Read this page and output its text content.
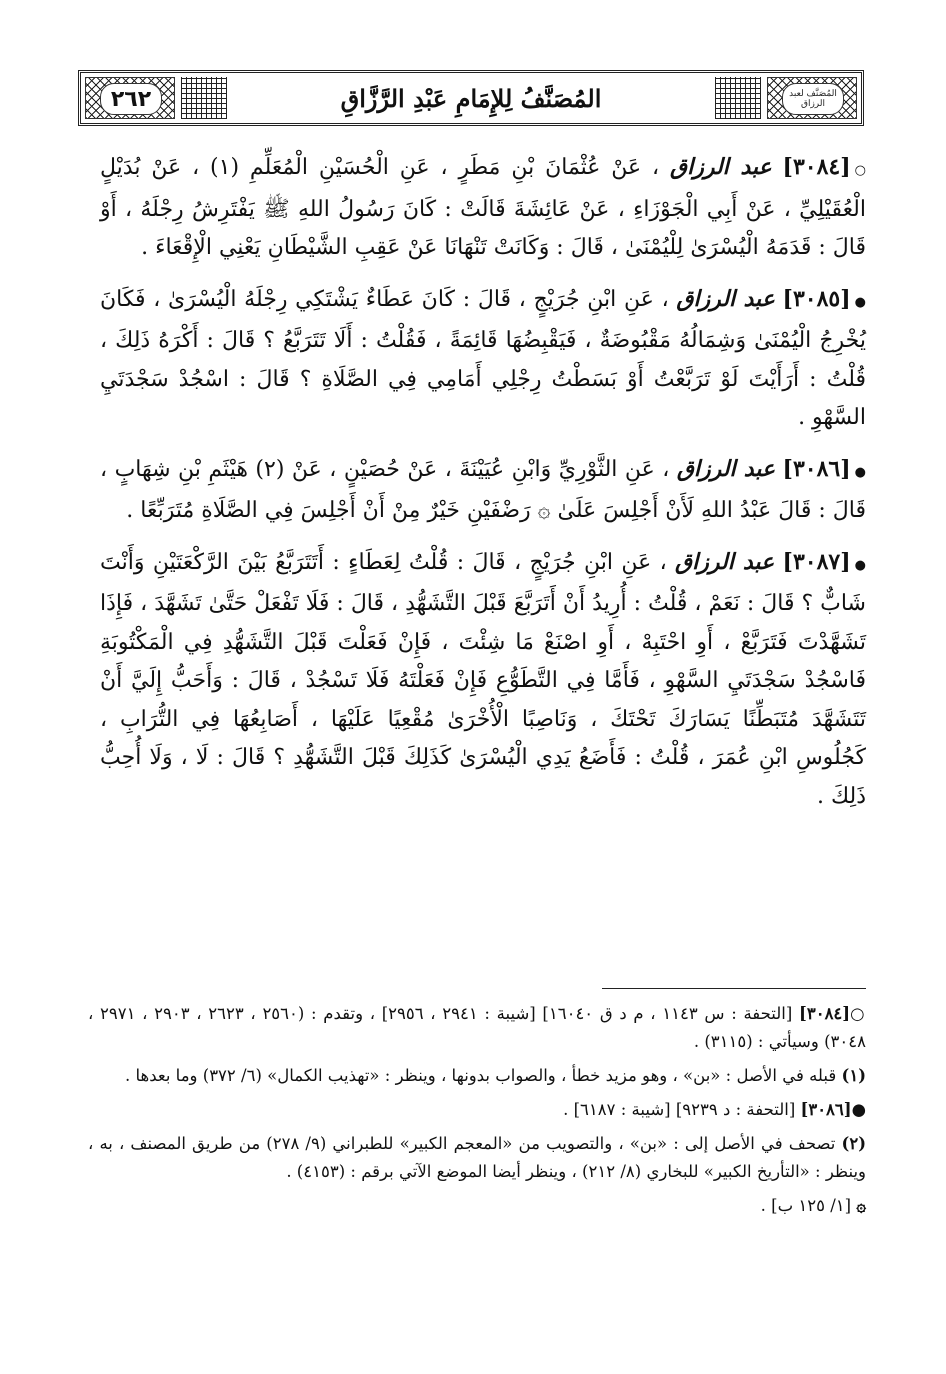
٢٦٢	المُصَنَّفُ لِلإِمَامِ عَبْدِ الرَّزَّاقِ	المُصَنَّف لعبد الرزاق

○[٣٠٨٤] عبد الرزاق ، عَنْ عُثْمَانَ بْنِ مَطَرٍ ، عَنِ الْحُسَيْنِ الْمُعَلِّمِ (١) ، عَنْ بُدَيْلٍ الْعُقَيْلِيِّ ، عَنْ أَبِي الْجَوْزَاءِ ، عَنْ عَائِشَةَ قَالَتْ : كَانَ رَسُولُ اللهِ ﷺ يَفْتَرِشُ رِجْلَهُ ، أَوْ قَالَ : قَدَمَهُ الْيُسْرَىٰ لِلْيُمْنَىٰ ، قَالَ : وَكَانَتْ تَنْهَانَا عَنْ عَقِبِ الشَّيْطَانِ يَعْنِي الْإِقْعَاءَ .

●[٣٠٨٥] عبد الرزاق ، عَنِ ابْنِ جُرَيْجٍ ، قَالَ : كَانَ عَطَاءٌ يَشْتَكِي رِجْلَهُ الْيُسْرَىٰ ، فَكَانَ يُخْرِجُ الْيُمْنَىٰ وَشِمَالُهُ مَقْبُوضَةٌ ، فَيَقْبِضُهَا قَائِمَةً ، فَقُلْتُ : أَلَا تَتَرَبَّعُ ؟ قَالَ : أَكْرَهُ ذَلِكَ ، قُلْتُ : أَرَأَيْتَ لَوْ تَرَبَّعْتُ أَوْ بَسَطْتُ رِجْلِي أَمَامِي فِي الصَّلَاةِ ؟ قَالَ : اسْجُدْ سَجْدَتَيِ السَّهْوِ .

●[٣٠٨٦] عبد الرزاق ، عَنِ الثَّوْرِيِّ وَابْنِ عُيَيْنَةَ ، عَنْ حُصَيْنٍ ، عَنْ (٢) هَيْثَمِ بْنِ شِهَابٍ ، قَالَ : قَالَ عَبْدُ اللهِ لَأَنْ أَجْلِسَ عَلَىٰ ۞ رَضْفَيْنِ خَيْرٌ مِنْ أَنْ أَجْلِسَ فِي الصَّلَاةِ مُتَرَبِّعًا .

●[٣٠٨٧] عبد الرزاق ، عَنِ ابْنِ جُرَيْجٍ ، قَالَ : قُلْتُ لِعَطَاءٍ : أَتَتَرَبَّعُ بَيْنَ الرَّكْعَتَيْنِ وَأَنْتَ شَابٌّ ؟ قَالَ : نَعَمْ ، قُلْتُ : أُرِيدُ أَنْ أَتَرَبَّعَ قَبْلَ التَّشَهُّدِ ، قَالَ : فَلَا تَفْعَلْ حَتَّىٰ تَشَهَّدَ ، فَإِذَا تَشَهَّدْتَ فَتَرَبَّعْ ، أَوِ احْتَبِهْ ، أَوِ اصْنَعْ مَا شِئْتَ ، فَإِنْ فَعَلْتَ قَبْلَ التَّشَهُّدِ فِي الْمَكْتُوبَةِ فَاسْجُدْ سَجْدَتَيِ السَّهْوِ ، فَأَمَّا فِي التَّطَوُّعِ فَإِنْ فَعَلْتَهُ فَلَا تَسْجُدْ ، قَالَ : وَأَحَبُّ إِلَيَّ أَنْ تَتَشَهَّدَ مُتَبَطِّنًا يَسَارَكَ تَحْتَكَ ، وَنَاصِبًا الْأُخْرَىٰ مُقْعِيًا عَلَيْهَا ، أَصَابِعُهَا فِي التُّرَابِ ، كَجُلُوسِ ابْنِ عُمَرَ ، قُلْتُ : فَأَضَعُ يَدِي الْيُسْرَىٰ كَذَلِكَ قَبْلَ التَّشَهُّدِ ؟ قَالَ : لَا ، وَلَا أُحِبُّ ذَلِكَ .

○[٣٠٨٤] [التحفة : س ١١٤٣ ، م د ق ١٦٠٤٠] [شيبة : ٢٩٤١ ، ٢٩٥٦] ، وتقدم : (٢٥٦٠ ، ٢٦٢٣ ، ٢٩٠٣ ، ٢٩٧١ ، ٣٠٤٨) وسيأتي : (٣١١٥) .

(١) قبله في الأصل : «بن» ، وهو مزيد خطأ ، والصواب بدونها ، وينظر : «تهذيب الكمال» (٦/ ٣٧٢) وما بعدها .

●[٣٠٨٦] [التحفة : د ٩٢٣٩] [شيبة : ٦١٨٧] .

(٢) تصحف في الأصل إلى : «بن» ، والتصويب من «المعجم الكبير» للطبراني (٩/ ٢٧٨) من طريق المصنف ، به ، وينظر : «التأريخ الكبير» للبخاري (٨/ ٢١٢) ، وينظر أيضا الموضع الآتي برقم : (٤١٥٣) .

۞ [١/ ١٢٥ ب] .
